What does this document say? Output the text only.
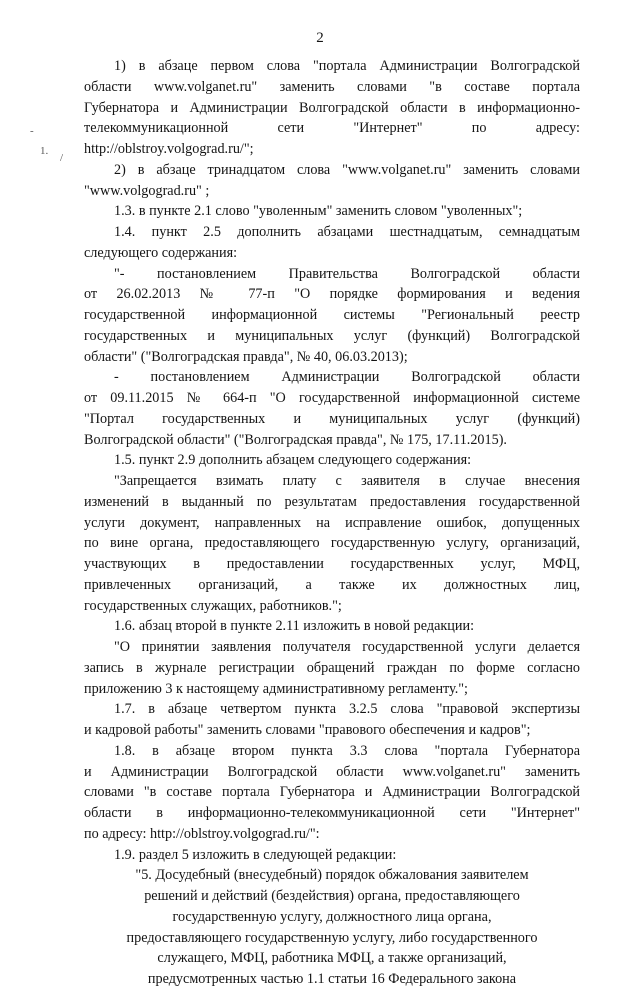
2
-
1.
/
1) в абзаце первом слова "портала Администрации Волгоградской
области www.volganet.ru" заменить словами "в составе портала
Губернатора и Администрации Волгоградской области в информационно-
телекоммуникационной сети "Интернет" по адресу:
http://oblstroy.volgograd.ru/";
2) в абзаце тринадцатом слова "www.volganet.ru" заменить словами
"www.volgograd.ru" ;
1.3. в пункте 2.1 слово "уволенным" заменить словом "уволенных";
1.4. пункт 2.5 дополнить абзацами шестнадцатым, семнадцатым
следующего содержания:
"- постановлением Правительства Волгоградской области
от 26.02.2013 № 77-п "О порядке формирования и ведения
государственной информационной системы "Региональный реестр
государственных и муниципальных услуг (функций) Волгоградской
области" ("Волгоградская правда", № 40, 06.03.2013);
- постановлением Администрации Волгоградской области
от 09.11.2015 № 664-п "О государственной информационной системе
"Портал государственных и муниципальных услуг (функций)
Волгоградской области" ("Волгоградская правда", № 175, 17.11.2015).
1.5. пункт 2.9 дополнить абзацем следующего содержания:
"Запрещается взимать плату с заявителя в случае внесения
изменений в выданный по результатам предоставления государственной
услуги документ, направленных на исправление ошибок, допущенных
по вине органа, предоставляющего государственную услугу, организаций,
участвующих в предоставлении государственных услуг, МФЦ,
привлеченных организаций, а также их должностных лиц,
государственных служащих, работников.";
1.6. абзац второй в пункте 2.11 изложить в новой редакции:
"О принятии заявления получателя государственной услуги делается
запись в журнале регистрации обращений граждан по форме согласно
приложению 3 к настоящему административному регламенту.";
1.7. в абзаце четвертом пункта 3.2.5 слова "правовой экспертизы
и кадровой работы" заменить словами "правового обеспечения и кадров";
1.8. в абзаце втором пункта 3.3 слова "портала Губернатора
и Администрации Волгоградской области www.volganet.ru" заменить
словами "в составе портала Губернатора и Администрации Волгоградской
области в информационно-телекоммуникационной сети "Интернет"
по адресу: http://oblstroy.volgograd.ru/":
1.9. раздел 5 изложить в следующей редакции:
"5. Досудебный (внесудебный) порядок обжалования заявителем
решений и действий (бездействия) органа, предоставляющего
государственную услугу, должностного лица органа,
предоставляющего государственную услугу, либо государственного
служащего, МФЦ, работника МФЦ, а также организаций,
предусмотренных частью 1.1 статьи 16 Федерального закона
